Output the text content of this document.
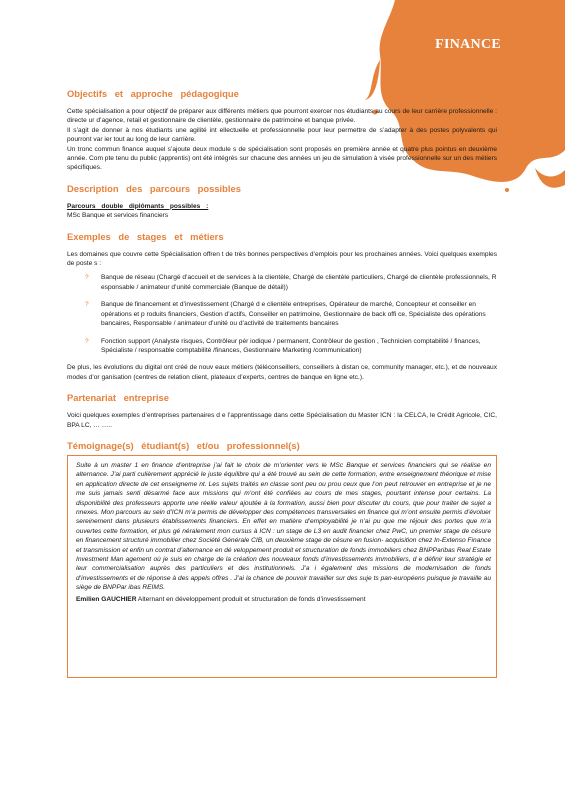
FINANCE
Objectifs et approche pédagogique

Cette spécialisation a pour objectif de préparer aux différents métiers que pourront exercer nos étudiants au cours de leur carrière professionnelle : directe ur d’agence, retail et gestionnaire de clientèle, gestionnaire de patrimoine et banque privée.

Il s’agit de donner à nos étudiants une agilité int ellectuelle et professionnelle pour leur permettre de s’adapter à des postes polyvalents qui pourront var ier tout au long de leur carrière.

Un tronc commun finance auquel s’ajoute deux module s de spécialisation sont proposés en première année et quatre plus pointus en deuxième année. Com pte tenu du public (apprentis) ont été intégrés sur chacune des années un jeu de simulation à visée professionnelle sur un des métiers spécifiques.

Description des parcours possibles

Parcours double diplômants possibles :

MSc Banque et services financiers

Exemples de stages et métiers

Les domaines que couvre cette Spécialisation offren t de très bonnes perspectives d’emplois pour les prochaines années. Voici quelques exemples de poste s :

? Banque de réseau (Chargé d’accueil et de services à la clientèle, Chargé de clientèle particuliers, Chargé de clientèle professionnels, R esponsable / animateur d’unité commerciale (Banque de détail))
? Banque de financement et d’investissement (Chargé d e clientèle entreprises, Opérateur de marché, Concepteur et conseiller en opérations et p roduits financiers, Gestion d’actifs, Conseiller en patrimoine, Gestionnaire de back offi ce, Spécialiste des opérations bancaires, Responsable / animateur d’unité ou d’activité de traitements bancaires
? Fonction support (Analyste risques, Contrôleur pér iodique / permanent, Contrôleur de gestion , Technicien comptabilité / finances, Spécialiste / responsable comptabilité /finances, Gestionnaire Marketing /communication)

De plus, les évolutions du digital ont créé de nouv eaux métiers (téléconseillers, conseillers à distan ce, community manager, etc.), et de nouveaux modes d’or ganisation (centres de relation client, plateaux d’experts, centres de banque en ligne etc.).

Partenariat entreprise

Voici quelques exemples d’entreprises partenaires d e l’apprentissage dans cette Spécialisation du Master ICN : la CELCA, le Crédit Agricole, CIC, BPA LC, … …..

Témoignage(s) étudiant(s) et/ou professionnel(s)

Suite à un master 1 en finance d’entreprise j’ai fait le choix de m’orienter vers le MSc Banque et services financiers qui se réalise en alternance. J’ai parti culièrement apprécié le juste équilibre qui a été trouvé au sein de cette formation, entre enseignement théorique et mise en application directe de cet enseigneme nt. Les sujets traités en classe sont peu ou prou ceux que l’on peut retrouver en entreprise et je ne me suis jamais senti désarmé face aux missions qui m’ont été confiées au cours de mes stages, pourtant intense pour certains. La disponibilité des professeurs apporte une réelle valeur ajoutée à la formation, aussi bien pour discuter du cours, que pour traiter de sujet a nnexes. Mon parcours au sein d’ICN m’a permis de développer des compétences transversales en finance qui m’ont ensuite permis d’évoluer sereinement dans plusieurs établissements financiers. En effet en matière d’employabilité je n’ai pu que me réjouir des portes que m’a ouvertes cette formation, et plus gé néralement mon cursus à ICN : un stage de L3 en audit financier chez PwC, un premier stage de césure en financement structuré immobilier chez Société Générale CIB, un deuxième stage de césure en fusion- acquisition chez In-Extenso Finance et transmission et enfin un contrat d’alternance en dé veloppement produit et structuration de fonds immobiliers chez BNPParibas Real Estate Investment Man agement où je suis en charge de la création des nouveaux fonds d’investissements immobiliers, d e définir leur stratégie et leur commercialisation auprès des particuliers et des institutionnels. J’a i également des missions de modernisation de fonds d’investissements et de réponse à des appels offres . J’ai la chance de pouvoir travailler sur des suje ts pan-européens puisque je travaille au siège de BNPPar ibas REIMS.

Emilien GAUCHIER Alternant en développement produit et structuration de fonds d’investissement
